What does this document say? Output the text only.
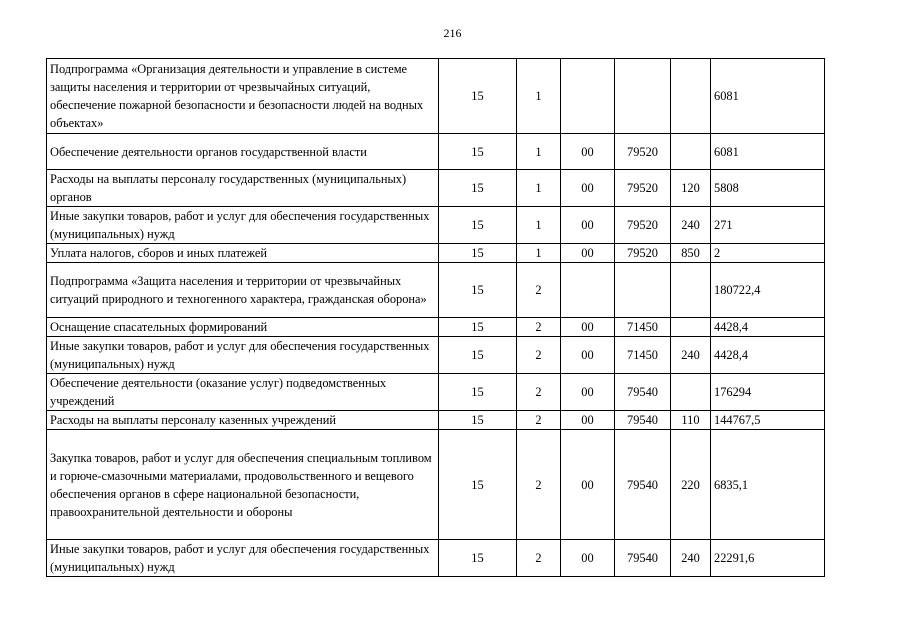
216
Подпрограмма «Организация деятельности и управление в системе защиты населения и территории от чрезвычайных ситуаций, обеспечение пожарной безопасности и безопасности людей на водных объектах»	15	1				6081
Обеспечение деятельности органов государственной власти	15	1	00	79520		6081
Расходы на выплаты персоналу государственных (муниципальных) органов	15	1	00	79520	120	5808
Иные закупки товаров, работ и услуг для обеспечения государственных (муниципальных) нужд	15	1	00	79520	240	271
Уплата налогов, сборов и иных платежей	15	1	00	79520	850	2
Подпрограмма «Защита населения и территории от чрезвычайных ситуаций природного и техногенного характера, гражданская оборона»	15	2				180722,4
Оснащение спасательных формирований	15	2	00	71450		4428,4
Иные закупки товаров, работ и услуг для обеспечения государственных (муниципальных) нужд	15	2	00	71450	240	4428,4
Обеспечение деятельности (оказание услуг) подведомственных учреждений	15	2	00	79540		176294
Расходы на выплаты персоналу казенных учреждений	15	2	00	79540	110	144767,5
Закупка товаров, работ и услуг для обеспечения специальным топливом и горюче-смазочными материалами, продовольственного и вещевого обеспечения органов в сфере национальной безопасности, правоохранительной деятельности и обороны	15	2	00	79540	220	6835,1
Иные закупки товаров, работ и услуг для обеспечения государственных (муниципальных) нужд	15	2	00	79540	240	22291,6
